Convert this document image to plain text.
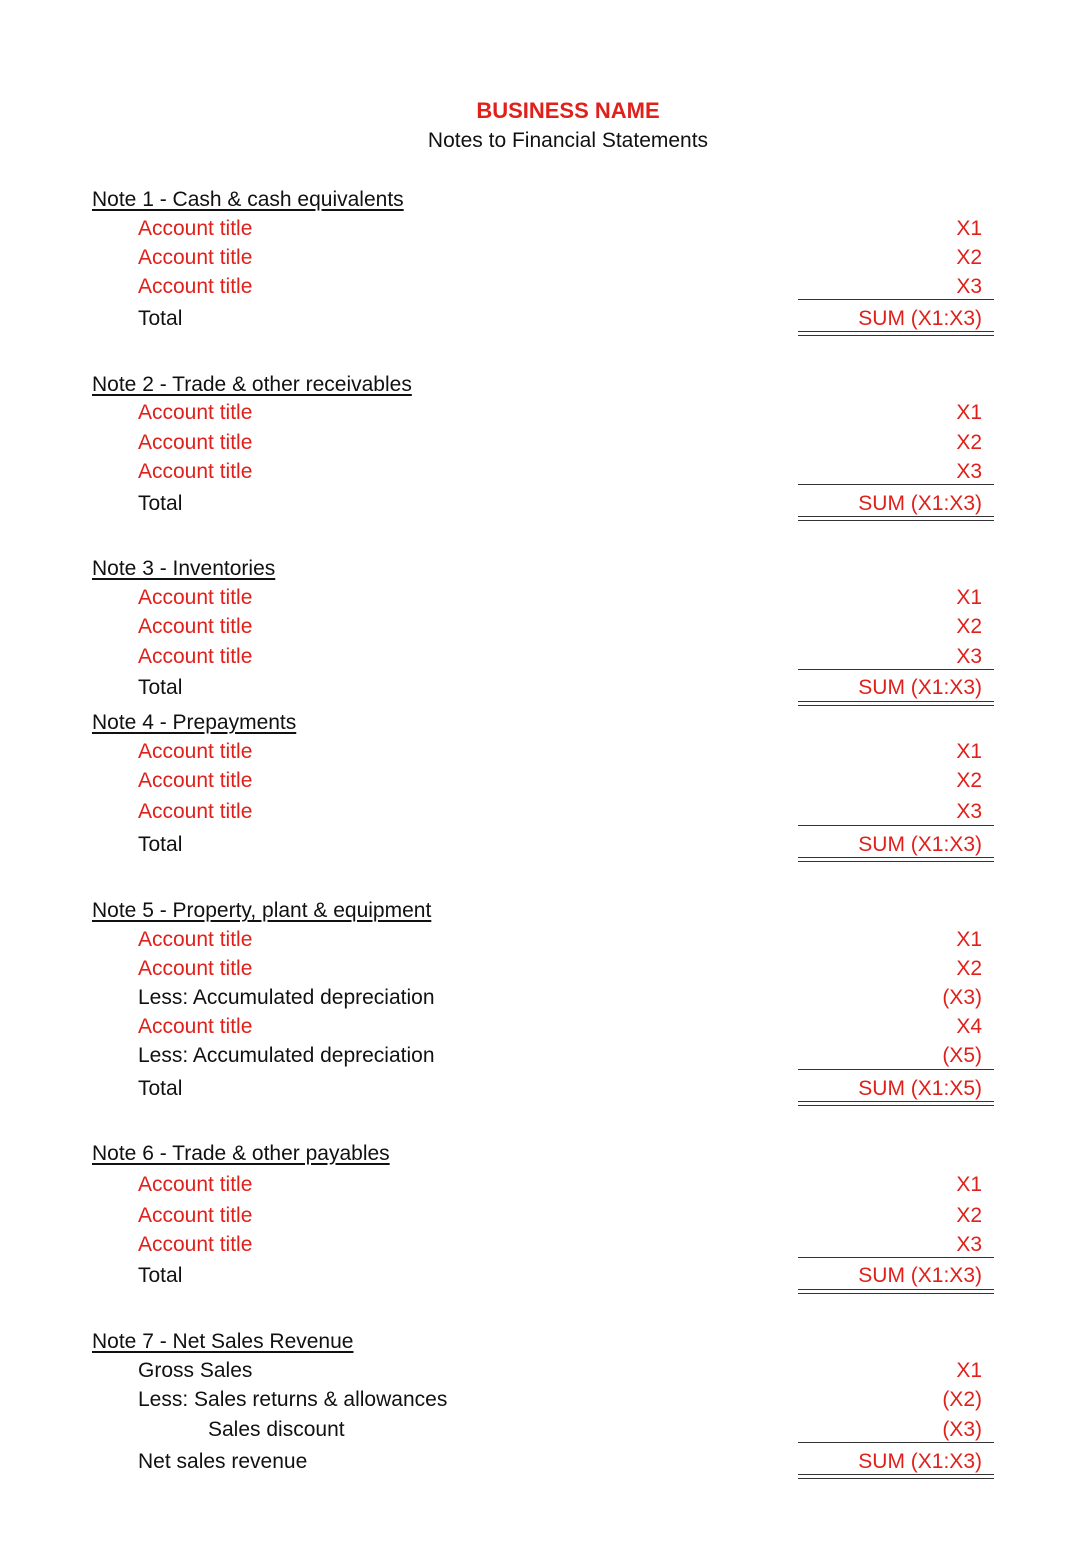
BUSINESS NAME
Notes to Financial Statements
Note 1 - Cash & cash equivalents
Account title	X1
Account title	X2
Account title	X3
Total	SUM (X1:X3)
Note 2 - Trade & other receivables
Account title	X1
Account title	X2
Account title	X3
Total	SUM (X1:X3)
Note 3 - Inventories
Account title	X1
Account title	X2
Account title	X3
Total	SUM (X1:X3)
Note 4 - Prepayments
Account title	X1
Account title	X2
Account title	X3
Total	SUM (X1:X3)
Note 5 - Property, plant & equipment
Account title	X1
Account title	X2
Less: Accumulated depreciation	(X3)
Account title	X4
Less: Accumulated depreciation	(X5)
Total	SUM (X1:X5)
Note 6 - Trade & other payables
Account title	X1
Account title	X2
Account title	X3
Total	SUM (X1:X3)
Note 7 - Net Sales Revenue
Gross Sales	X1
Less: Sales returns & allowances	(X2)
Sales discount	(X3)
Net sales revenue	SUM (X1:X3)
